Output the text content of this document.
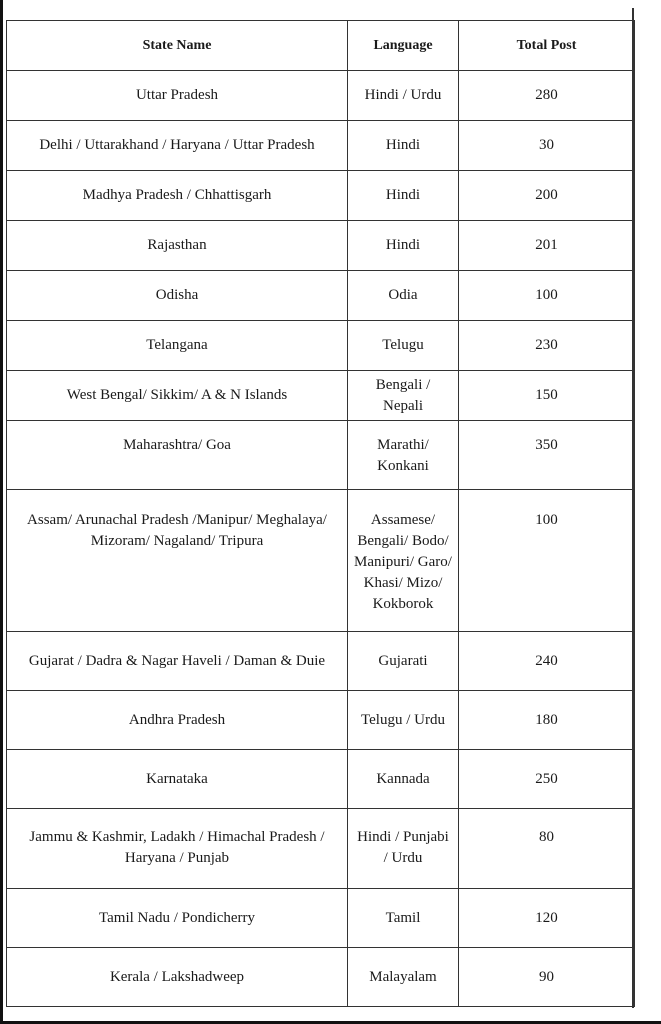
State Name	Language	Total Post
Uttar Pradesh	Hindi / Urdu	280
Delhi / Uttarakhand / Haryana / Uttar Pradesh	Hindi	30
Madhya Pradesh / Chhattisgarh	Hindi	200
Rajasthan	Hindi	201
Odisha	Odia	100
Telangana	Telugu	230
West Bengal/ Sikkim/ A & N Islands	Bengali / Nepali	150
Maharashtra/ Goa	Marathi/ Konkani	350
Assam/ Arunachal Pradesh /Manipur/ Meghalaya/ Mizoram/ Nagaland/ Tripura	Assamese/ Bengali/ Bodo/ Manipuri/ Garo/ Khasi/ Mizo/ Kokborok	100
Gujarat / Dadra & Nagar Haveli / Daman & Duie	Gujarati	240
Andhra Pradesh	Telugu / Urdu	180
Karnataka	Kannada	250
Jammu & Kashmir, Ladakh / Himachal Pradesh / Haryana / Punjab	Hindi / Punjabi / Urdu	80
Tamil Nadu / Pondicherry	Tamil	120
Kerala / Lakshadweep	Malayalam	90
